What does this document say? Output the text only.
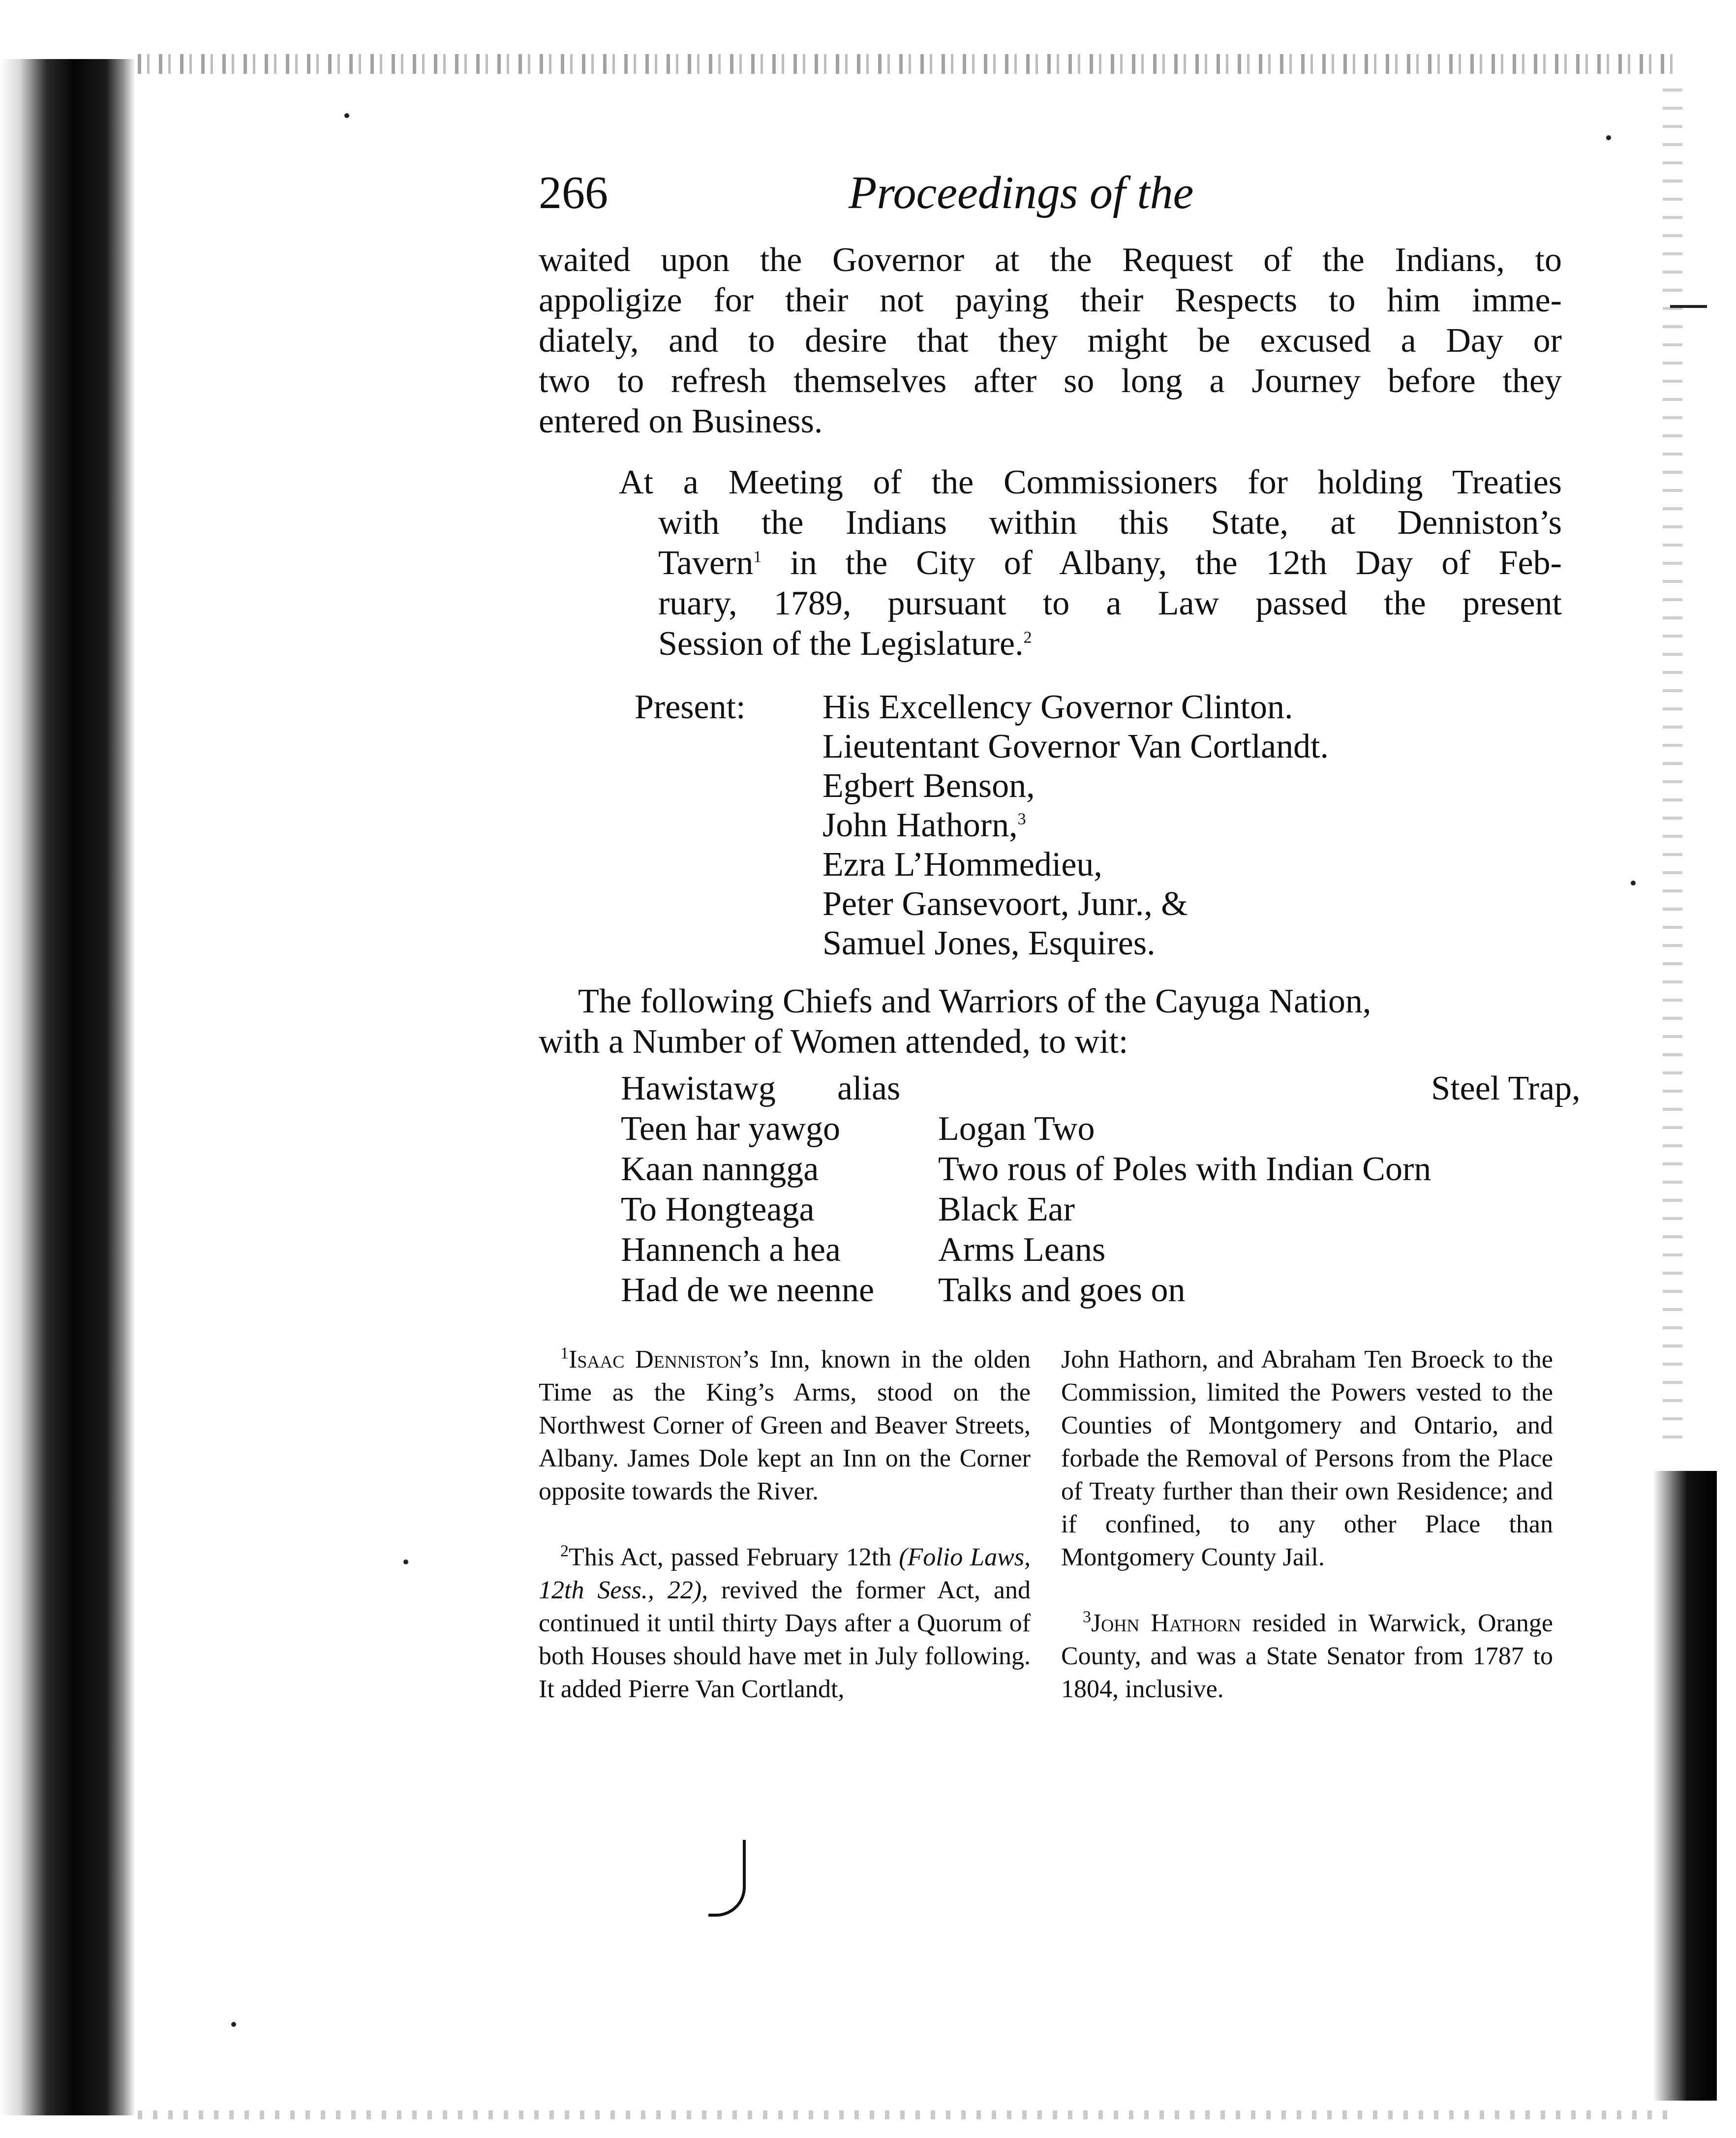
266	Proceedings of the
waited upon the Governor at the Request of the Indians, to
appoligize for their not paying their Respects to him imme-
diately, and to desire that they might be excused a Day or
two to refresh themselves after so long a Journey before they
entered on Business.
At a Meeting of the Commissioners for holding Treaties
with the Indians within this State, at Denniston’s
Tavern$^1$ in the City of Albany, the 12th Day of Feb-
ruary, 1789, pursuant to a Law passed the present
Session of the Legislature.$^2$
Present: His Excellency Governor Clinton.
Lieutentant Governor Van Cortlandt.
Egbert Benson,
John Hathorn,$^3$
Ezra L’Hommedieu,
Peter Gansevoort, Junr., &
Samuel Jones, Esquires.
The following Chiefs and Warriors of the Cayuga Nation,
with a Number of Women attended, to wit:
Hawistawg	alias	Steel Trap,
Teen har yawgo	Logan Two	
Kaan nanngga	Two rous of Poles with Indian Corn	
To Hongteaga	Black Ear	
Hannench a hea	Arms Leans	
Had de we neenne	Talks and goes on	

$^1$Isaac Denniston’s Inn, known in the olden Time as the King’s Arms, stood on the Northwest Corner of Green and Beaver Streets, Albany. James Dole kept an Inn on the Corner opposite towards the River.

$^2$This Act, passed February 12th (Folio Laws, 12th Sess., 22), revived the former Act, and continued it until thirty Days after a Quorum of both Houses should have met in July following. It added Pierre Van Cortlandt,

John Hathorn, and Abraham Ten Broeck to the Commission, limited the Powers vested to the Counties of Montgomery and Ontario, and forbade the Removal of Persons from the Place of Treaty further than their own Residence; and if confined, to any other Place than Montgomery County Jail.

$^3$John Hathorn resided in Warwick, Orange County, and was a State Senator from 1787 to 1804, inclusive.
